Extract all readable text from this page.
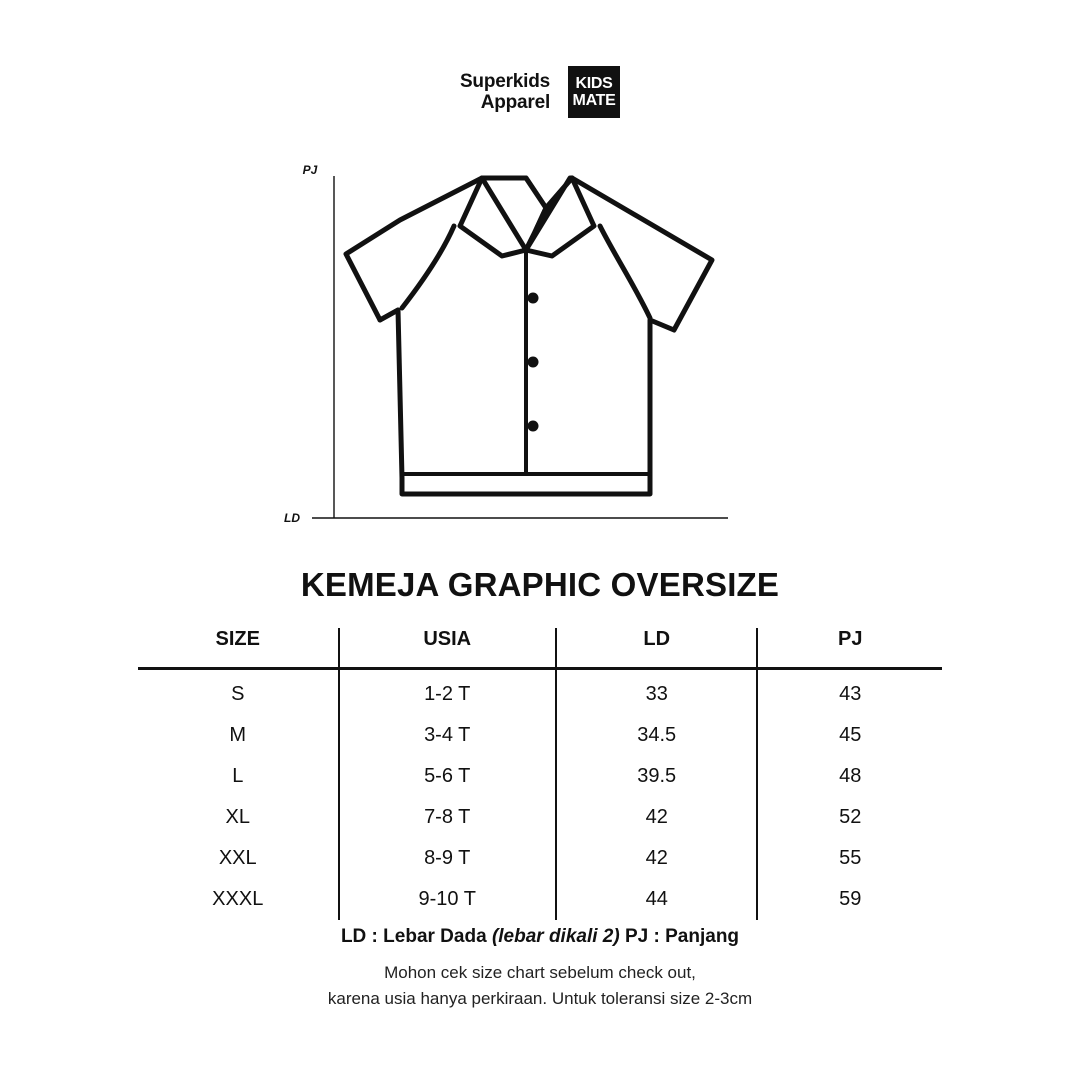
Superkids
Apparel
KIDS
MATE
PJ
LD
KEMEJA GRAPHIC OVERSIZE
SIZE	USIA	LD	PJ
S	1-2 T	33	43
M	3-4 T	34.5	45
L	5-6 T	39.5	48
XL	7-8 T	42	52
XXL	8-9 T	42	55
XXXL	9-10 T	44	59
LD : Lebar Dada (lebar dikali 2) PJ : Panjang
Mohon cek size chart sebelum check out,
karena usia hanya perkiraan. Untuk toleransi size 2-3cm
